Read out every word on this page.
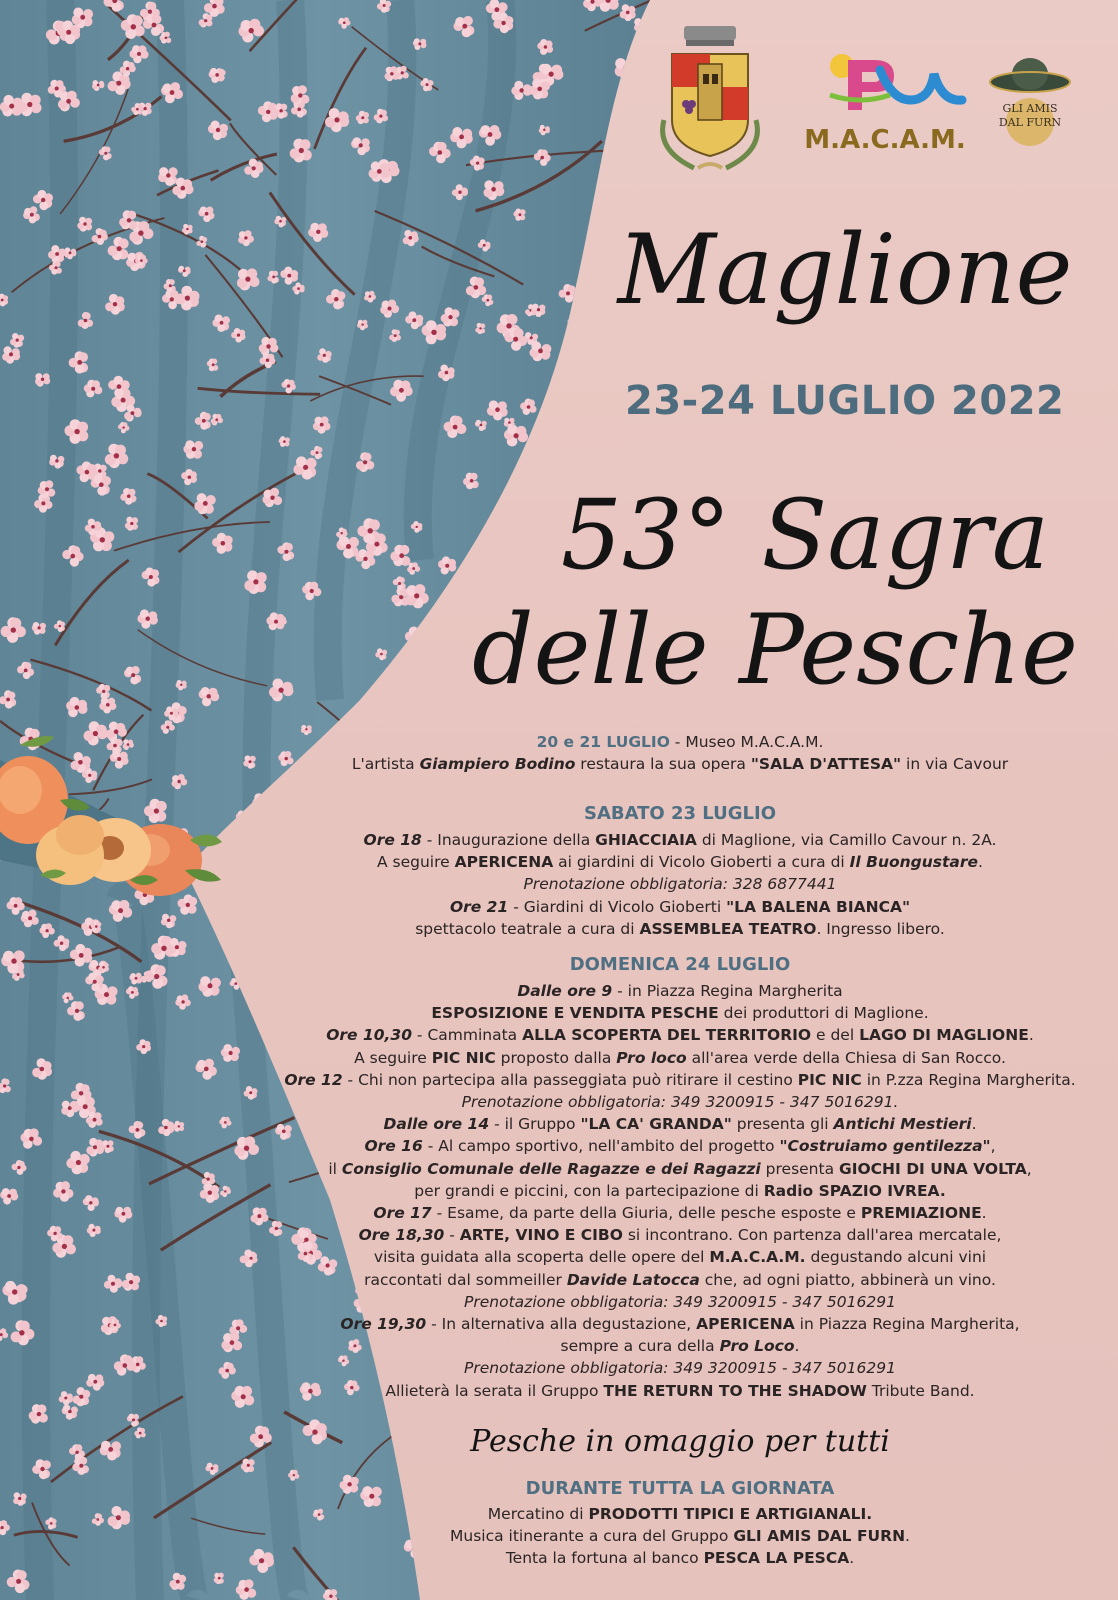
M.A.C.A.M.
GLI AMIS
DAL FURN
Maglione
23-24 LUGLIO 2022
53° Sagra
delle Pesche
20 e 21 LUGLIO - Museo M.A.C.A.M.
L'artista Giampiero Bodino restaura la sua opera "SALA D'ATTESA" in via Cavour
SABATO 23 LUGLIO
Ore 18 - Inaugurazione della GHIACCIAIA di Maglione, via Camillo Cavour n. 2A.
A seguire APERICENA ai giardini di Vicolo Gioberti a cura di Il Buongustare.
Prenotazione obbligatoria: 328 6877441
Ore 21 - Giardini di Vicolo Gioberti "LA BALENA BIANCA"
spettacolo teatrale a cura di ASSEMBLEA TEATRO. Ingresso libero.
DOMENICA 24 LUGLIO
Dalle ore 9 - in Piazza Regina Margherita
ESPOSIZIONE E VENDITA PESCHE dei produttori di Maglione.
Ore 10,30 - Camminata ALLA SCOPERTA DEL TERRITORIO e del LAGO DI MAGLIONE.
A seguire PIC NIC proposto dalla Pro loco all'area verde della Chiesa di San Rocco.
Ore 12 - Chi non partecipa alla passeggiata può ritirare il cestino PIC NIC in P.zza Regina Margherita.
Prenotazione obbligatoria: 349 3200915 - 347 5016291.
Dalle ore 14 - il Gruppo "LA CA' GRANDA" presenta gli Antichi Mestieri.
Ore 16 - Al campo sportivo, nell'ambito del progetto "Costruiamo gentilezza",
il Consiglio Comunale delle Ragazze e dei Ragazzi presenta GIOCHI DI UNA VOLTA,
per grandi e piccini, con la partecipazione di Radio SPAZIO IVREA.
Ore 17 - Esame, da parte della Giuria, delle pesche esposte e PREMIAZIONE.
Ore 18,30 - ARTE, VINO E CIBO si incontrano. Con partenza dall'area mercatale,
visita guidata alla scoperta delle opere del M.A.C.A.M. degustando alcuni vini
raccontati dal sommeiller Davide Latocca che, ad ogni piatto, abbinerà un vino.
Prenotazione obbligatoria: 349 3200915 - 347 5016291
Ore 19,30 - In alternativa alla degustazione, APERICENA in Piazza Regina Margherita,
sempre a cura della Pro Loco.
Prenotazione obbligatoria: 349 3200915 - 347 5016291
Allieterà la serata il Gruppo THE RETURN TO THE SHADOW Tribute Band.
Pesche in omaggio per tutti
DURANTE TUTTA LA GIORNATA
Mercatino di PRODOTTI TIPICI E ARTIGIANALI.
Musica itinerante a cura del Gruppo GLI AMIS DAL FURN.
Tenta la fortuna al banco PESCA LA PESCA.
